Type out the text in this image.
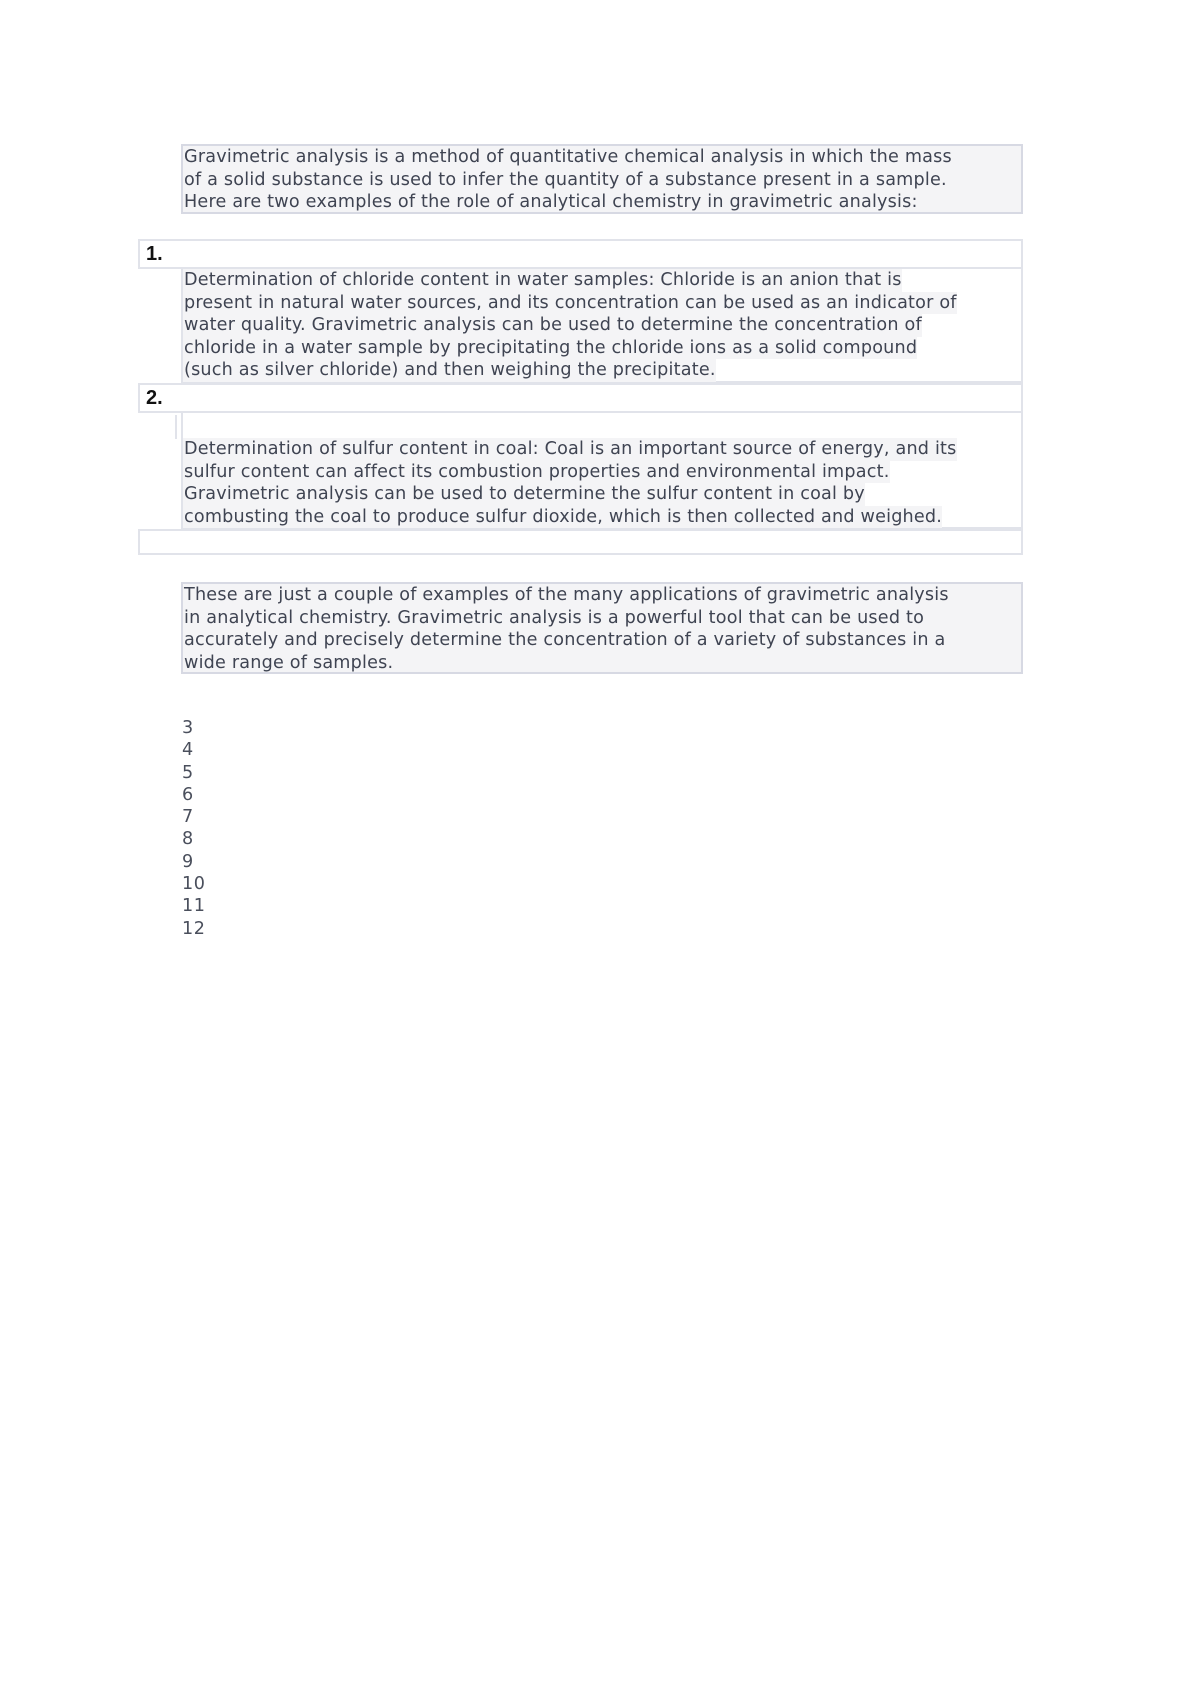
Gravimetric analysis is a method of quantitative chemical analysis in which the mass
of a solid substance is used to infer the quantity of a substance present in a sample.
Here are two examples of the role of analytical chemistry in gravimetric analysis:
1.
Determination of chloride content in water samples: Chloride is an anion that is
present in natural water sources, and its concentration can be used as an indicator of
water quality. Gravimetric analysis can be used to determine the concentration of
chloride in a water sample by precipitating the chloride ions as a solid compound
(such as silver chloride) and then weighing the precipitate.
2.
Determination of sulfur content in coal: Coal is an important source of energy, and its
sulfur content can affect its combustion properties and environmental impact.
Gravimetric analysis can be used to determine the sulfur content in coal by
combusting the coal to produce sulfur dioxide, which is then collected and weighed.
These are just a couple of examples of the many applications of gravimetric analysis
in analytical chemistry. Gravimetric analysis is a powerful tool that can be used to
accurately and precisely determine the concentration of a variety of substances in a
wide range of samples.
3
4
5
6
7
8
9
10
11
12
